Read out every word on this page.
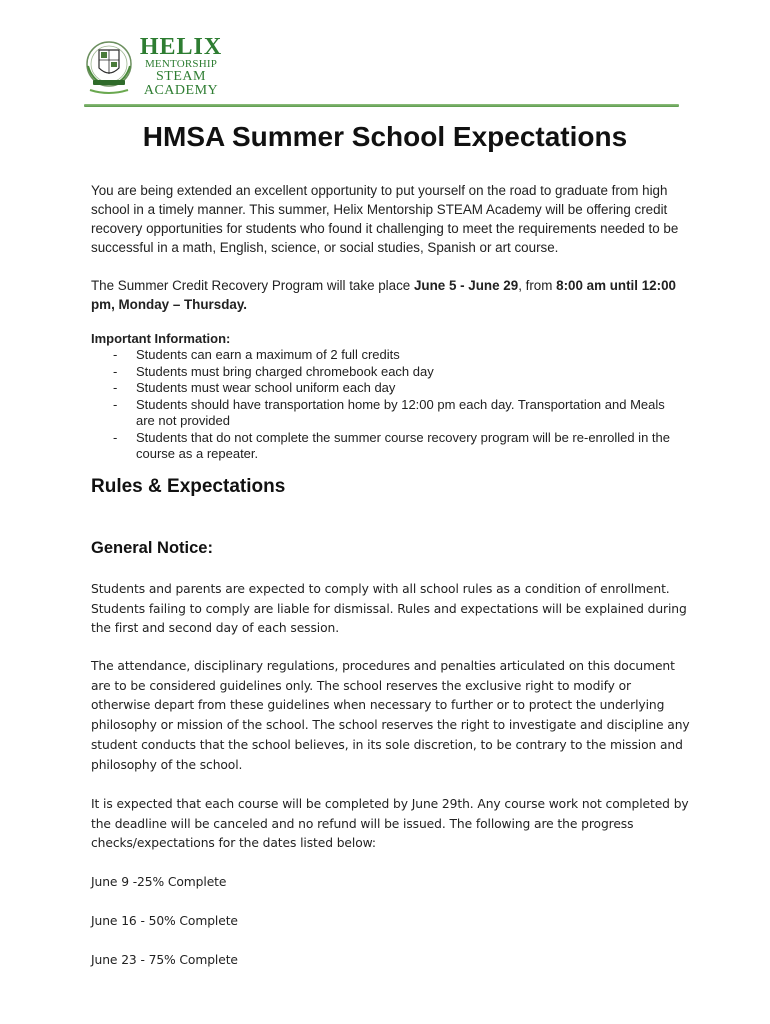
HELIX
MENTORSHIP
STEAM
ACADEMY
HMSA Summer School Expectations

You are being extended an excellent opportunity to put yourself on the road to graduate from high school in a timely manner. This summer, Helix Mentorship STEAM Academy will be offering credit recovery opportunities for students who found it challenging to meet the requirements needed to be successful in a math, English, science, or social studies, Spanish or art course.

The Summer Credit Recovery Program will take place June 5 - June 29, from 8:00 am until 12:00 pm, Monday – Thursday.

Important Information:

- Students can earn a maximum of 2 full credits
- Students must bring charged chromebook each day
- Students must wear school uniform each day
- Students should have transportation home by 12:00 pm each day. Transportation and Meals are not provided
- Students that do not complete the summer course recovery program will be re-enrolled in the course as a repeater.
Rules & Expectations
General Notice:

Students and parents are expected to comply with all school rules as a condition of enrollment. Students failing to comply are liable for dismissal. Rules and expectations will be explained during the first and second day of each session.

The attendance, disciplinary regulations, procedures and penalties articulated on this document are to be considered guidelines only. The school reserves the exclusive right to modify or otherwise depart from these guidelines when necessary to further or to protect the underlying philosophy or mission of the school. The school reserves the right to investigate and discipline any student conducts that the school believes, in its sole discretion, to be contrary to the mission and philosophy of the school.

It is expected that each course will be completed by June 29th. Any course work not completed by the deadline will be canceled and no refund will be issued. The following are the progress checks/expectations for the dates listed below:

June 9 -25% Complete

June 16 - 50% Complete

June 23 - 75% Complete
